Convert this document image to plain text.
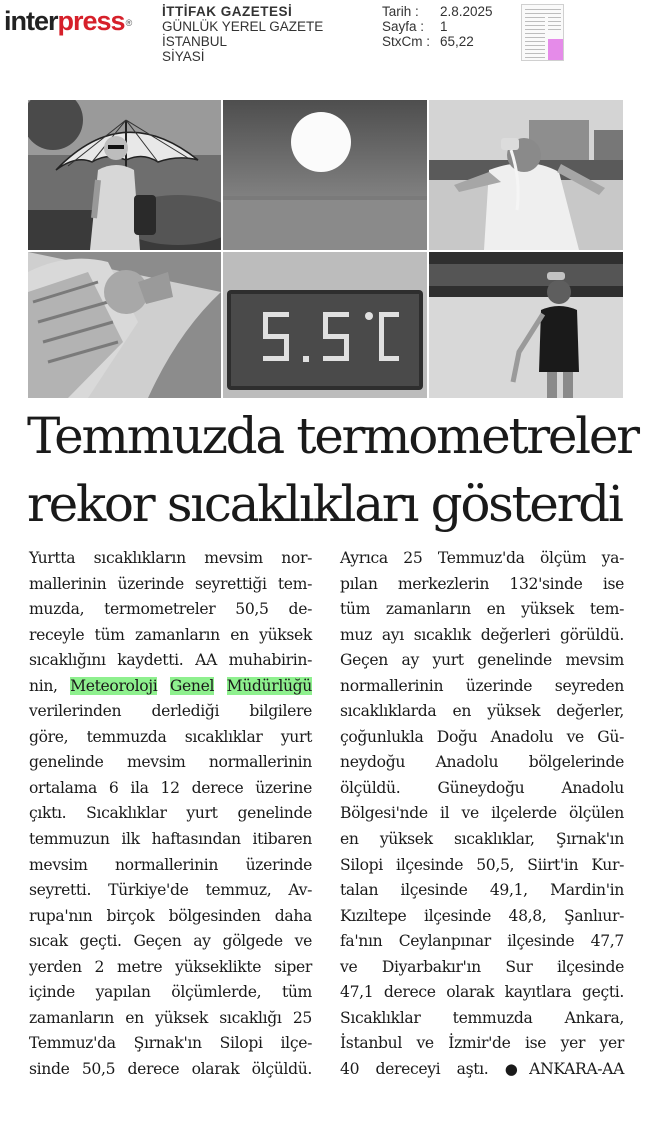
inter press ®
İTTİFAK GAZETESİ
GÜNLÜK YEREL GAZETE
İSTANBUL
SİYASİ
Tarih :	2.8.2025
Sayfa :	1
StxCm : 65,22
Temmuzda termometreler
rekor sıcaklıkları gösterdi
Yurtta sıcaklıkların mevsim nor-
mallerinin üzerinde seyrettiği tem-
muzda, termometreler 50,5 de-
receyle tüm zamanların en yüksek
sıcaklığını kaydetti. AA muhabirin-
nin, Meteoroloji Genel Müdürlüğü
verilerinden derlediği bilgilere
göre, temmuzda sıcaklıklar yurt
genelinde mevsim normallerinin
ortalama 6 ila 12 derece üzerine
çıktı. Sıcaklıklar yurt genelinde
temmuzun ilk haftasından itibaren
mevsim normallerinin üzerinde
seyretti. Türkiye'de temmuz, Av-
rupa'nın birçok bölgesinden daha
sıcak geçti. Geçen ay gölgede ve
yerden 2 metre yükseklikte siper
içinde yapılan ölçümlerde, tüm
zamanların en yüksek sıcaklığı 25
Temmuz'da Şırnak'ın Silopi ilçe-
sinde 50,5 derece olarak ölçüldü.
Ayrıca 25 Temmuz'da ölçüm ya-
pılan merkezlerin 132'sinde ise
tüm zamanların en yüksek tem-
muz ayı sıcaklık değerleri görüldü.
Geçen ay yurt genelinde mevsim
normallerinin üzerinde seyreden
sıcaklıklarda en yüksek değerler,
çoğunlukla Doğu Anadolu ve Gü-
neydoğu Anadolu bölgelerinde
ölçüldü. Güneydoğu Anadolu
Bölgesi'nde il ve ilçelerde ölçülen
en yüksek sıcaklıklar, Şırnak'ın
Silopi ilçesinde 50,5, Siirt'in Kur-
talan ilçesinde 49,1, Mardin'in
Kızıltepe ilçesinde 48,8, Şanlıur-
fa'nın Ceylanpınar ilçesinde 47,7
ve Diyarbakır'ın Sur ilçesinde
47,1 derece olarak kayıtlara geçti.
Sıcaklıklar temmuzda Ankara,
İstanbul ve İzmir'de ise yer yer
40 dereceyi aştı. ●ANKARA-AA
